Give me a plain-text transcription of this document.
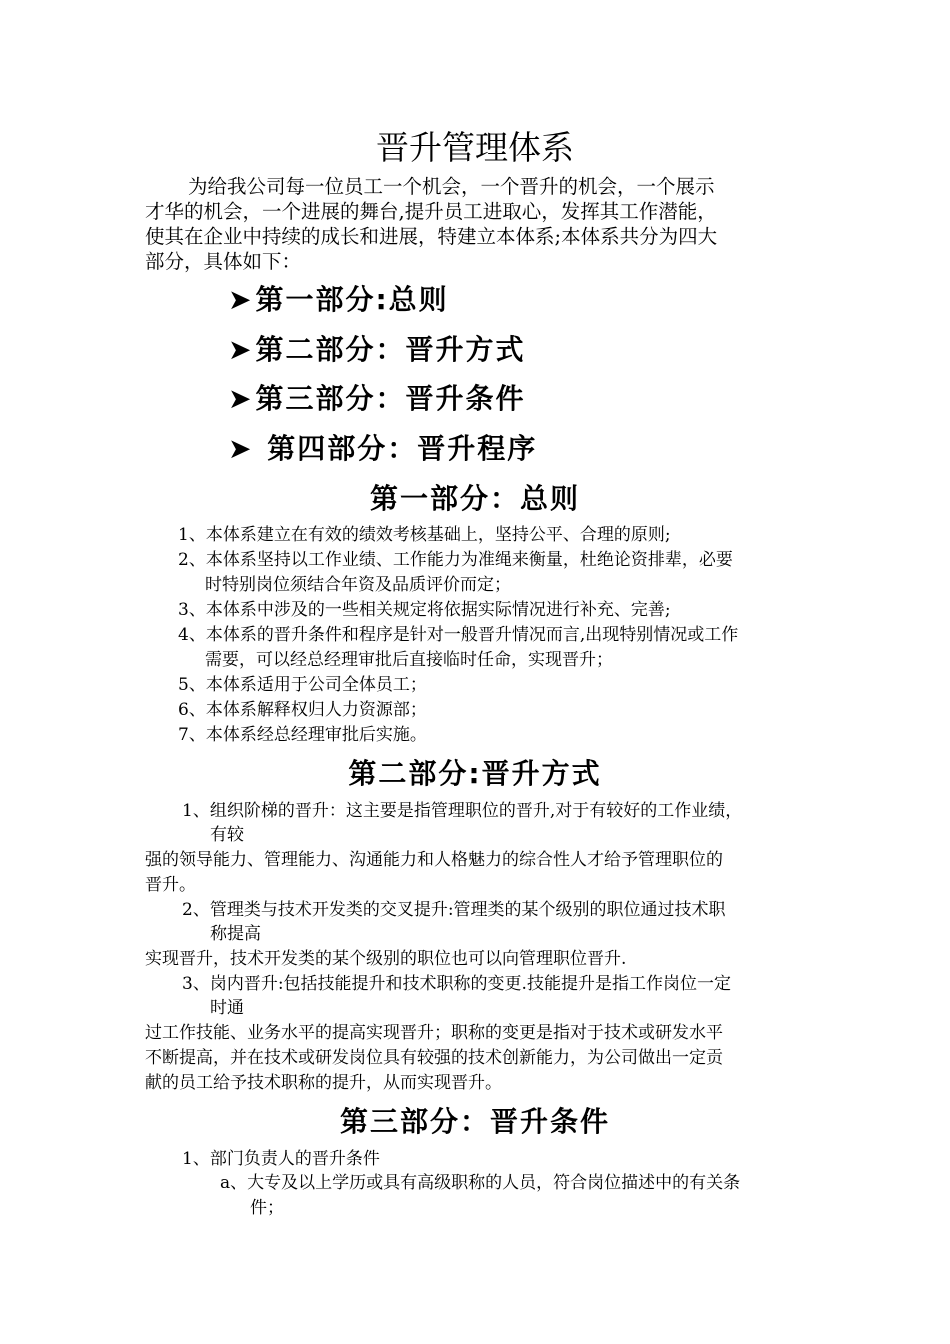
晋升管理体系
为给我公司每一位员工一个机会，一个晋升的机会，一个展示
才华的机会，一个进展的舞台,提升员工进取心，发挥其工作潜能，
使其在企业中持续的成长和进展，特建立本体系;本体系共分为四大
部分，具体如下：
➤第一部分:总则
➤第二部分：晋升方式
➤第三部分：晋升条件
➤ 第四部分：晋升程序
第一部分：总则
1、本体系建立在有效的绩效考核基础上，坚持公平、合理的原则;
2、本体系坚持以工作业绩、工作能力为准绳来衡量，杜绝论资排辈，必要
时特别岗位须结合年资及品质评价而定；
3、本体系中涉及的一些相关规定将依据实际情况进行补充、完善;
4、本体系的晋升条件和程序是针对一般晋升情况而言,出现特别情况或工作
需要，可以经总经理审批后直接临时任命，实现晋升；
5、本体系适用于公司全体员工；
6、本体系解释权归人力资源部；
7、本体系经总经理审批后实施。
第二部分:晋升方式
1、组织阶梯的晋升：这主要是指管理职位的晋升,对于有较好的工作业绩，
有较
强的领导能力、管理能力、沟通能力和人格魅力的综合性人才给予管理职位的
晋升。
2、管理类与技术开发类的交叉提升:管理类的某个级别的职位通过技术职
称提高
实现晋升，技术开发类的某个级别的职位也可以向管理职位晋升.
3、岗内晋升:包括技能提升和技术职称的变更.技能提升是指工作岗位一定
时通
过工作技能、业务水平的提高实现晋升；职称的变更是指对于技术或研发水平
不断提高，并在技术或研发岗位具有较强的技术创新能力，为公司做出一定贡
献的员工给予技术职称的提升，从而实现晋升。
第三部分：晋升条件
1、部门负责人的晋升条件
a、大专及以上学历或具有高级职称的人员，符合岗位描述中的有关条
件；
